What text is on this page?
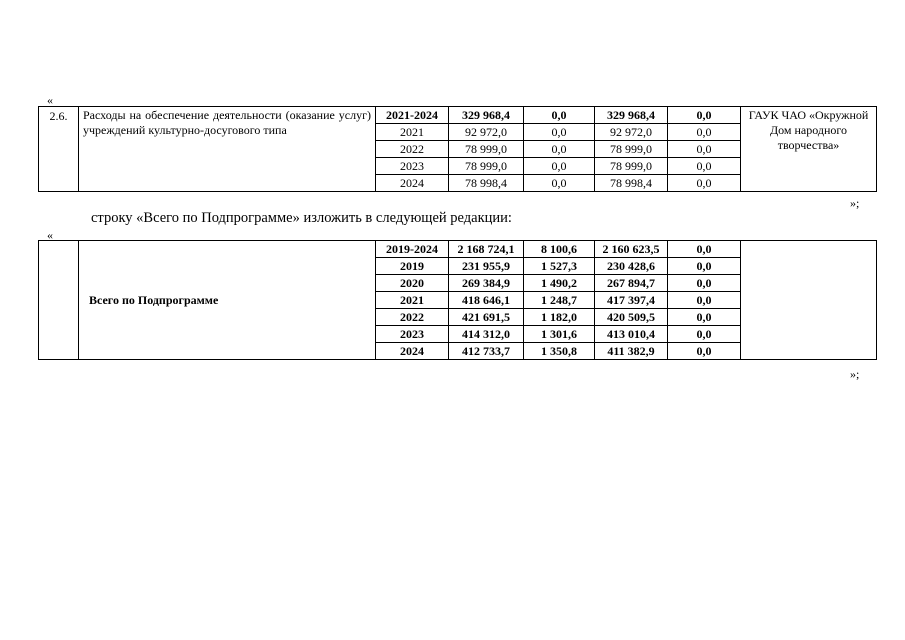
«
2.6.	Расходы на обеспечение деятельности (оказание услуг) учреждений культурно-досугового типа	2021-2024	329 968,4	0,0	329 968,4	0,0	ГАУК ЧАО «Окружной Дом народного творчества»
		2021	92 972,0	0,0	92 972,0	0,0	
		2022	78 999,0	0,0	78 999,0	0,0	
		2023	78 999,0	0,0	78 999,0	0,0	
		2024	78 998,4	0,0	78 998,4	0,0	
»;
строку «Всего по Подпрограмме» изложить в следующей редакции:
«
	Всего по Подпрограмме	2019-2024	2 168 724,1	8 100,6	2 160 623,5	0,0	
		2019	231 955,9	1 527,3	230 428,6	0,0	
		2020	269 384,9	1 490,2	267 894,7	0,0	
		2021	418 646,1	1 248,7	417 397,4	0,0	
		2022	421 691,5	1 182,0	420 509,5	0,0	
		2023	414 312,0	1 301,6	413 010,4	0,0	
		2024	412 733,7	1 350,8	411 382,9	0,0	
»;
